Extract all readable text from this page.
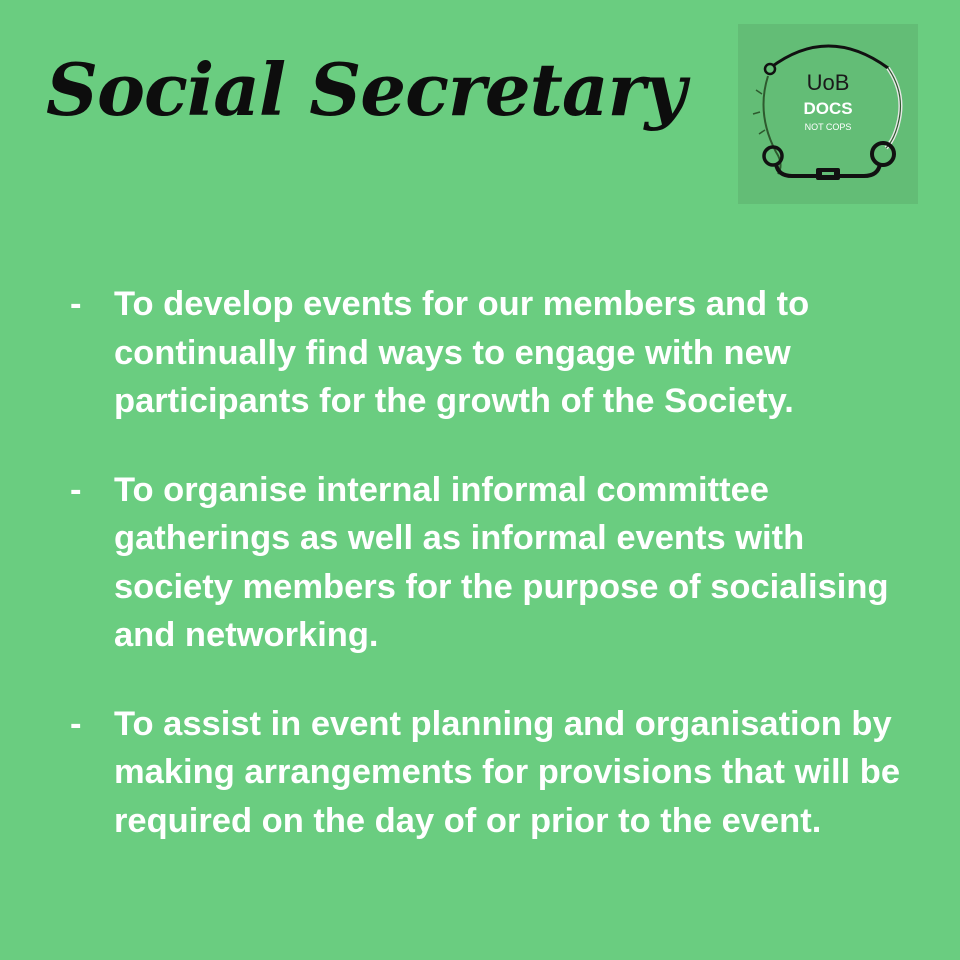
Social Secretary	UoB
DOCS
NOT COPS
- To develop events for our members and to continually find ways to engage with new participants for the growth of the Society.
- To organise internal informal committee gatherings as well as informal events with society members for the purpose of socialising and networking.
- To assist in event planning and organisation by making arrangements for provisions that will be required on the day of or prior to the event.
